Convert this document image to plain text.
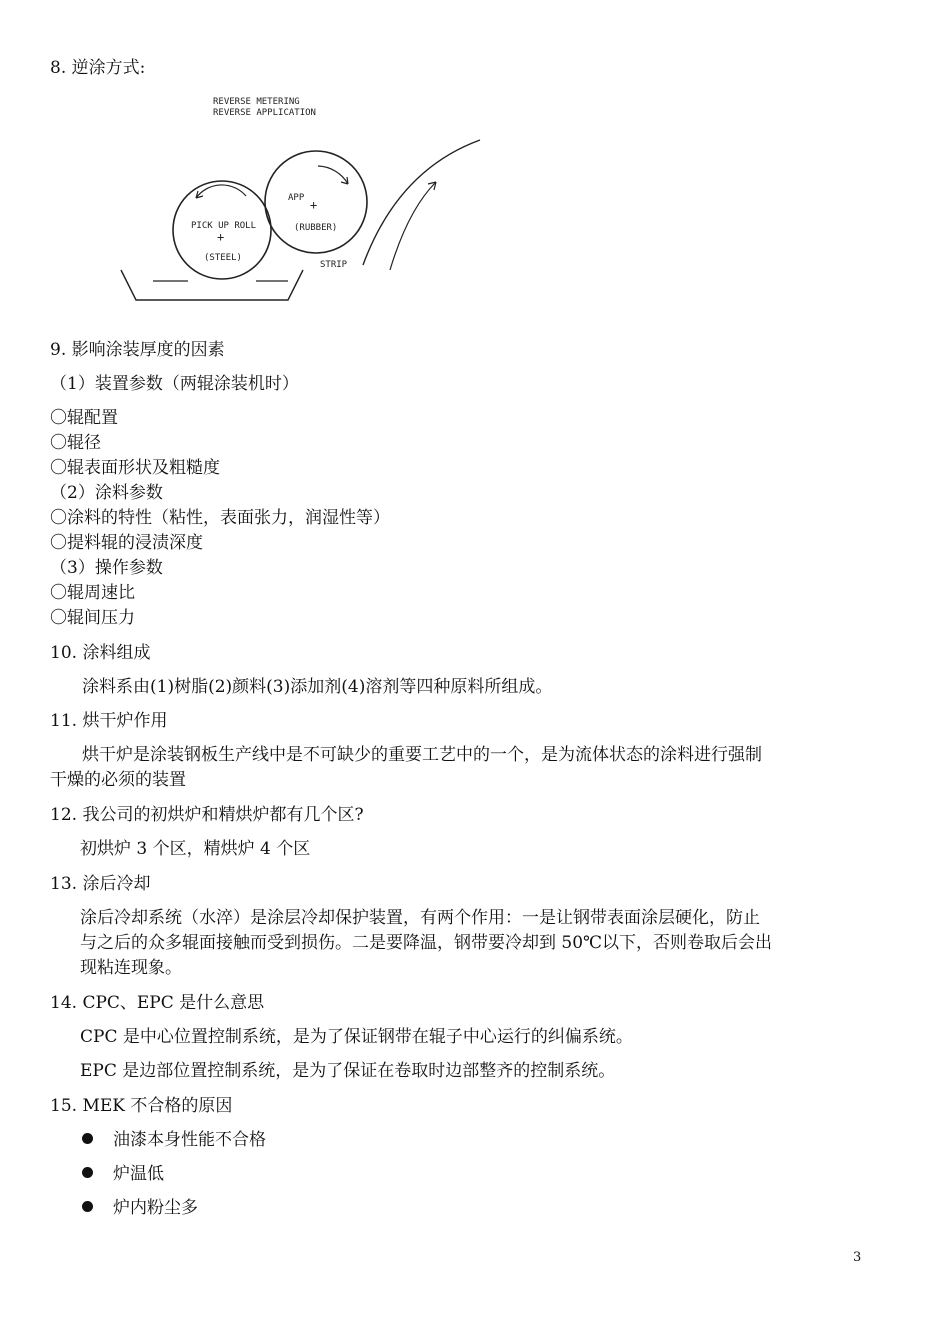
8. 逆涂方式:
REVERSE METERING
REVERSE APPLICATION
PICK UP ROLL
+
(STEEL)
APP +
(RUBBER)
STRIP
9. 影响涂装厚度的因素
（1）装置参数（两辊涂装机时）
〇辊配置
〇辊径
〇辊表面形状及粗糙度
（2）涂料参数
〇涂料的特性（粘性，表面张力，润湿性等）
〇提料辊的浸渍深度
（3）操作参数
〇辊周速比
〇辊间压力
10. 涂料组成
涂料系由(1)树脂(2)颜料(3)添加剂(4)溶剂等四种原料所组成。
11. 烘干炉作用
烘干炉是涂装钢板生产线中是不可缺少的重要工艺中的一个，是为流体状态的涂料进行强制
干燥的必须的装置
12. 我公司的初烘炉和精烘炉都有几个区?
初烘炉 3 个区，精烘炉 4 个区
13. 涂后冷却
涂后冷却系统（水淬）是涂层冷却保护装置，有两个作用：一是让钢带表面涂层硬化，防止
与之后的众多辊面接触而受到损伤。二是要降温，钢带要冷却到 50℃以下，否则卷取后会出
现粘连现象。
14. CPC、EPC 是什么意思
CPC 是中心位置控制系统，是为了保证钢带在辊子中心运行的纠偏系统。
EPC 是边部位置控制系统，是为了保证在卷取时边部整齐的控制系统。
15. MEK 不合格的原因
油漆本身性能不合格
炉温低
炉内粉尘多
3
